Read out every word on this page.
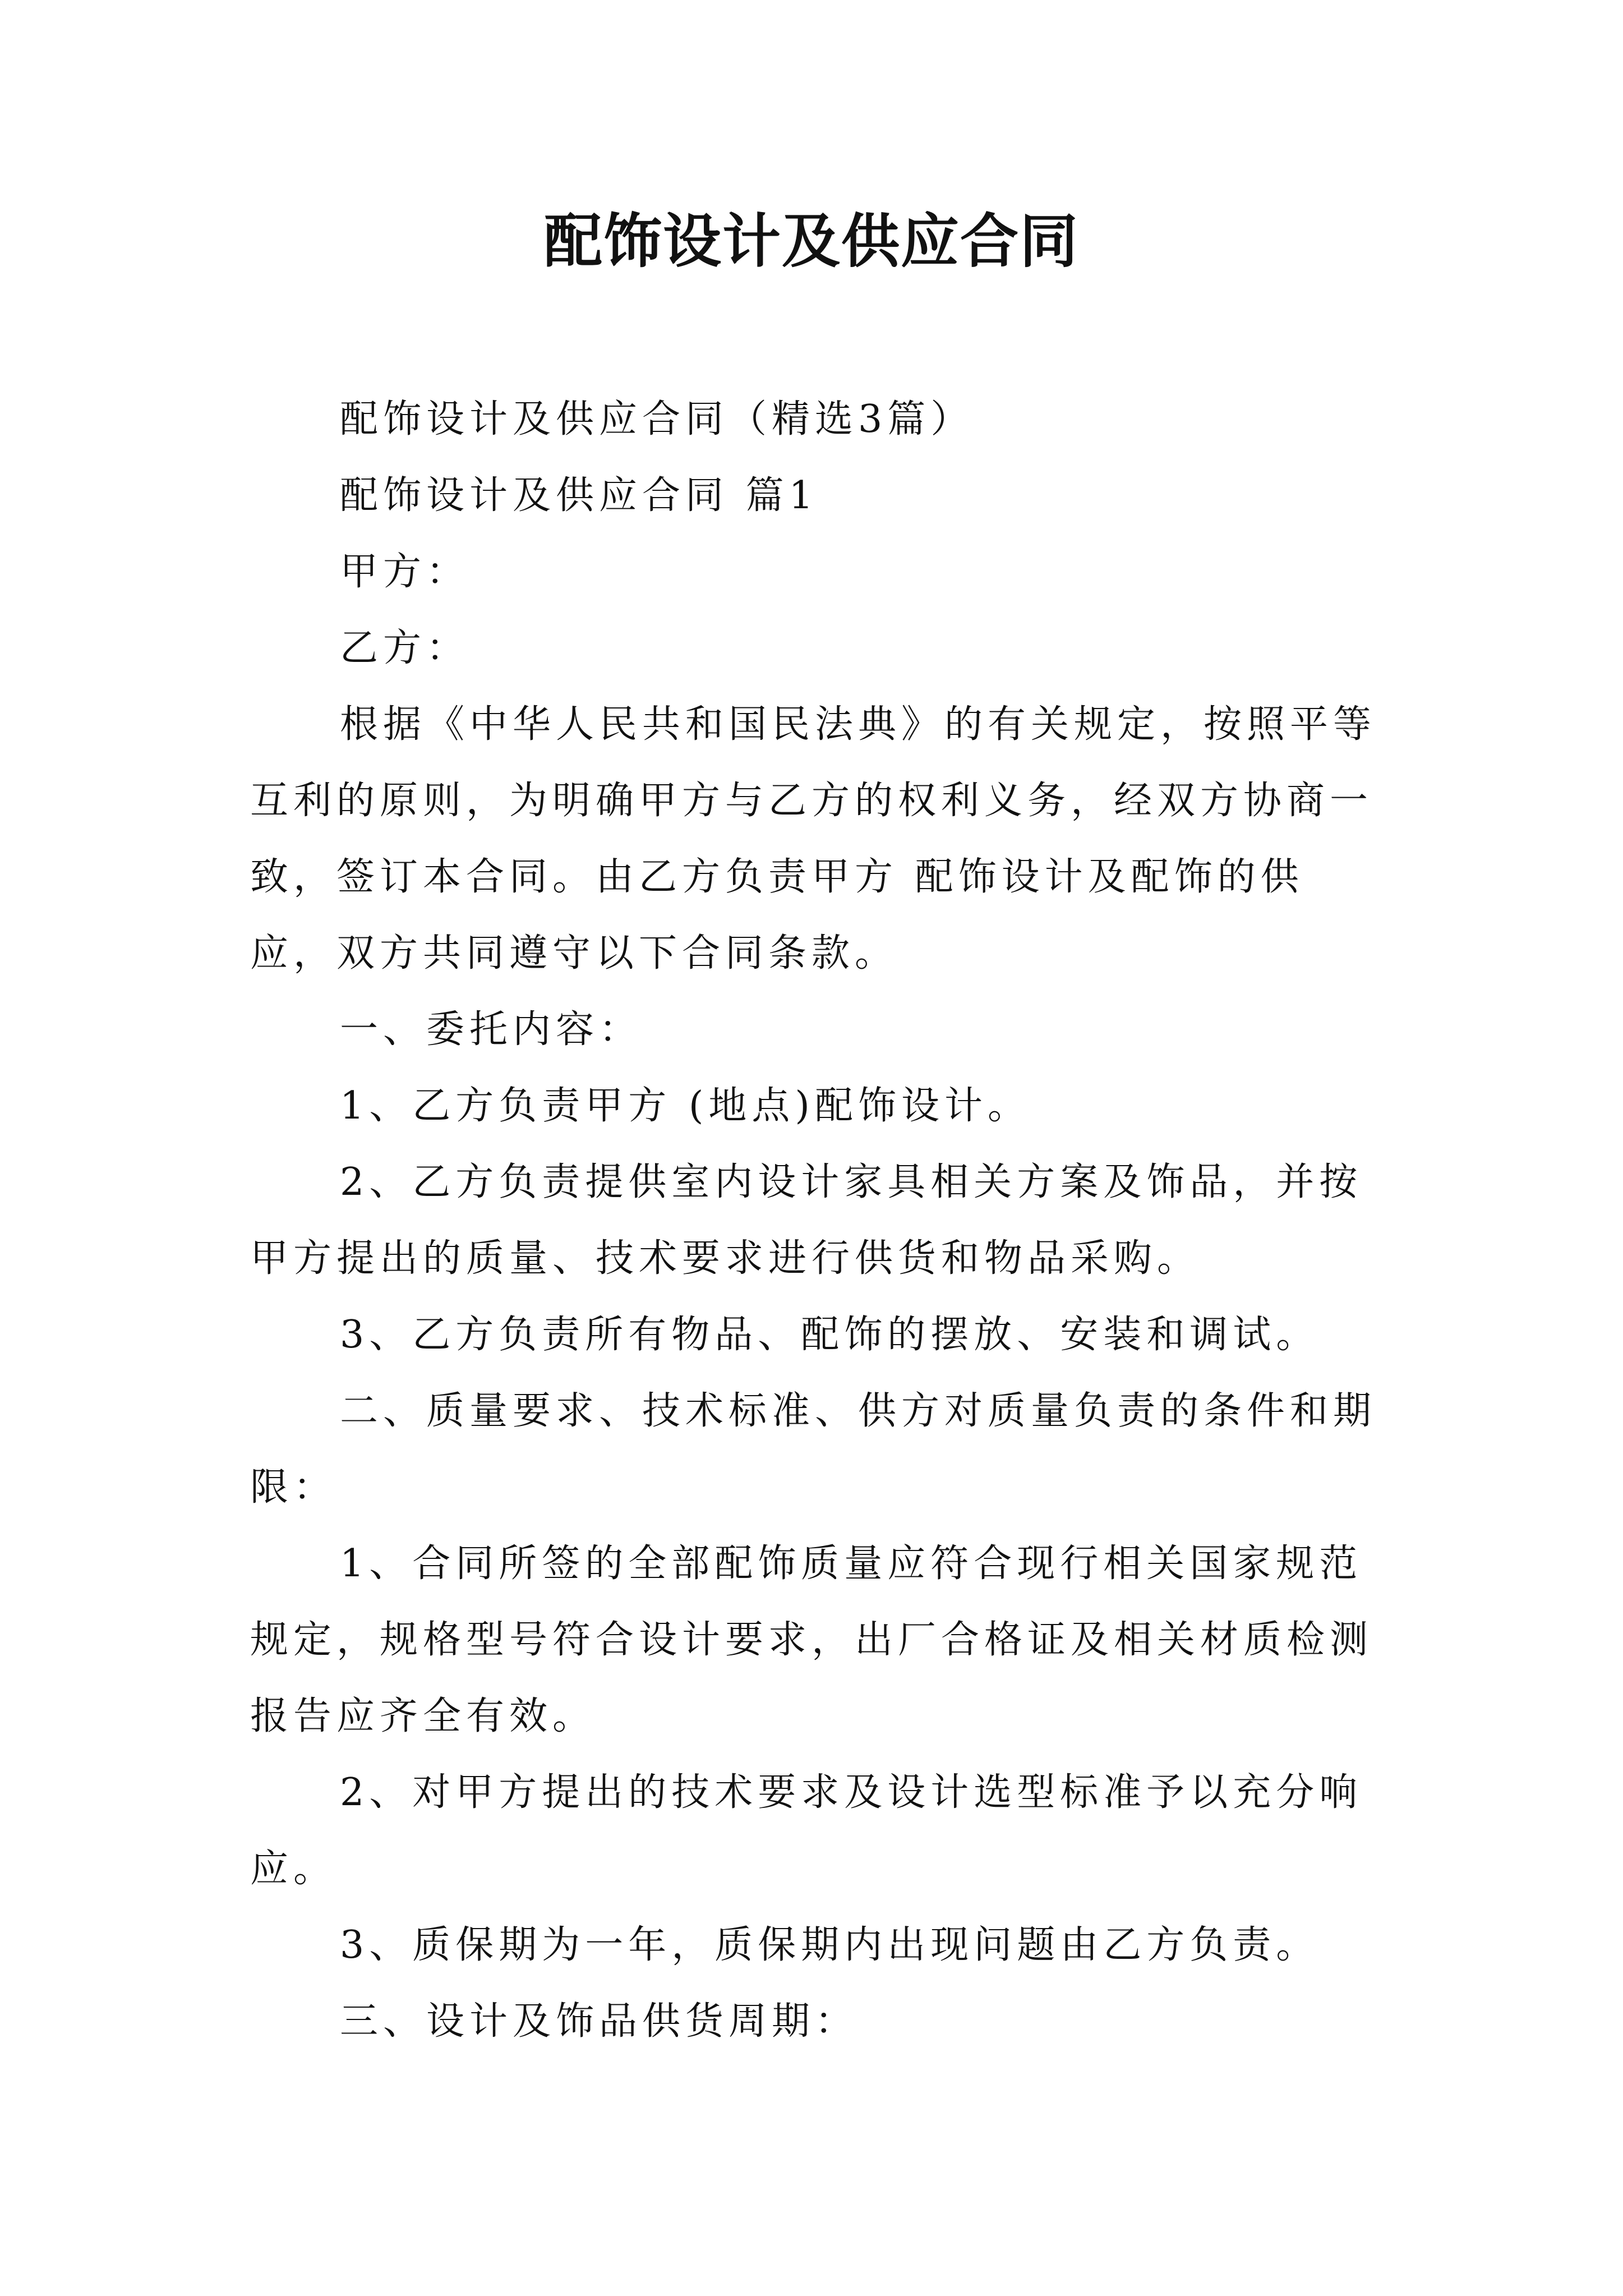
配饰设计及供应合同

配饰设计及供应合同（精选3篇）

配饰设计及供应合同 篇1

甲方：

乙方：

根据《中华人民共和国民法典》的有关规定，按照平等互利的原则，为明确甲方与乙方的权利义务，经双方协商一致，签订本合同。由乙方负责甲方 配饰设计及配饰的供应，双方共同遵守以下合同条款。

一、委托内容：

1、乙方负责甲方 (地点)配饰设计。

2、乙方负责提供室内设计家具相关方案及饰品，并按甲方提出的质量、技术要求进行供货和物品采购。

3、乙方负责所有物品、配饰的摆放、安装和调试。

二、质量要求、技术标准、供方对质量负责的条件和期限：

1、合同所签的全部配饰质量应符合现行相关国家规范规定，规格型号符合设计要求，出厂合格证及相关材质检测报告应齐全有效。

2、对甲方提出的技术要求及设计选型标准予以充分响应。

3、质保期为一年，质保期内出现问题由乙方负责。

三、设计及饰品供货周期：
